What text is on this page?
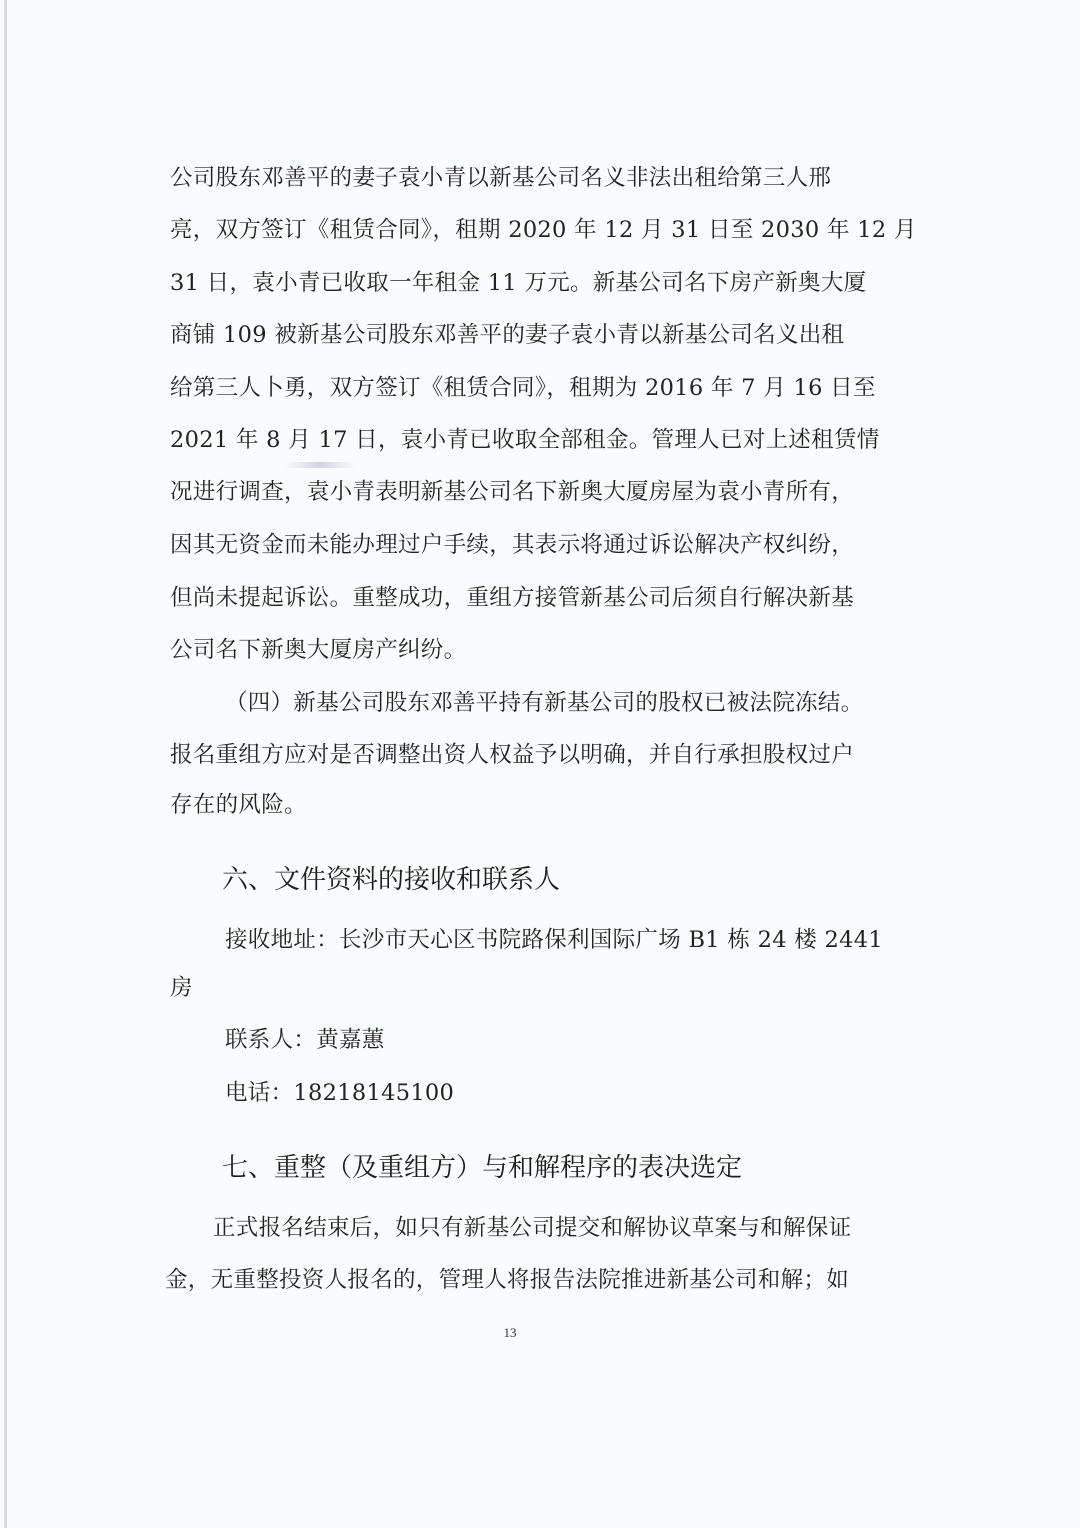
公司股东邓善平的妻子袁小青以新基公司名义非法出租给第三人邢
亮，双方签订《租赁合同》，租期 2020 年 12 月 31 日至 2030 年 12 月
31 日，袁小青已收取一年租金 11 万元。新基公司名下房产新奥大厦
商铺 109 被新基公司股东邓善平的妻子袁小青以新基公司名义出租
给第三人卜勇，双方签订《租赁合同》，租期为 2016 年 7 月 16 日至
2021 年 8 月 17 日，袁小青已收取全部租金。管理人已对上述租赁情
况进行调查，袁小青表明新基公司名下新奥大厦房屋为袁小青所有，
因其无资金而未能办理过户手续，其表示将通过诉讼解决产权纠纷，
但尚未提起诉讼。重整成功，重组方接管新基公司后须自行解决新基
公司名下新奥大厦房产纠纷。
（四）新基公司股东邓善平持有新基公司的股权已被法院冻结。
报名重组方应对是否调整出资人权益予以明确，并自行承担股权过户
存在的风险。
六、文件资料的接收和联系人
接收地址：长沙市天心区书院路保利国际广场 B1 栋 24 楼 2441
房
联系人：黄嘉蕙
电话：18218145100
七、重整（及重组方）与和解程序的表决选定
正式报名结束后，如只有新基公司提交和解协议草案与和解保证
金，无重整投资人报名的，管理人将报告法院推进新基公司和解；如
13
